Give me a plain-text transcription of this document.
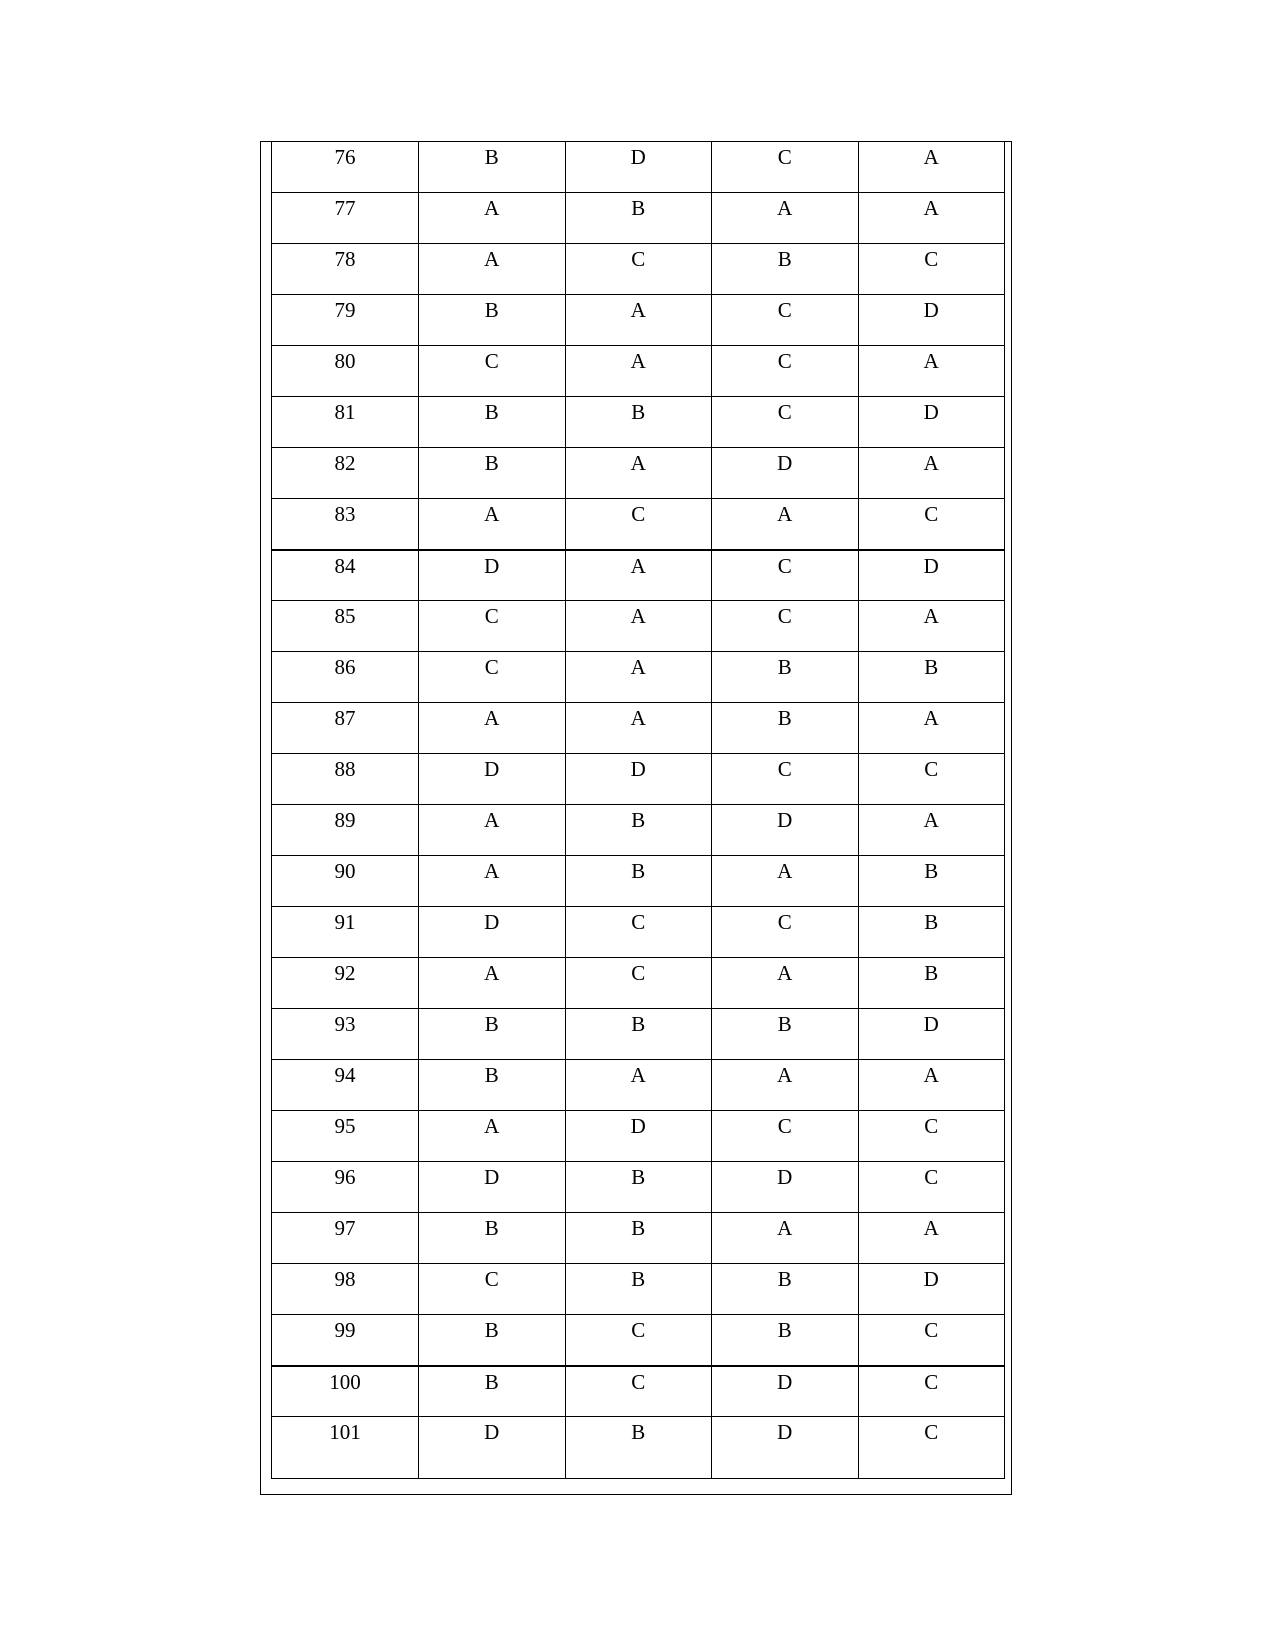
76	B	D	C	A
77	A	B	A	A
78	A	C	B	C
79	B	A	C	D
80	C	A	C	A
81	B	B	C	D
82	B	A	D	A
83	A	C	A	C
84	D	A	C	D
85	C	A	C	A
86	C	A	B	B
87	A	A	B	A
88	D	D	C	C
89	A	B	D	A
90	A	B	A	B
91	D	C	C	B
92	A	C	A	B
93	B	B	B	D
94	B	A	A	A
95	A	D	C	C
96	D	B	D	C
97	B	B	A	A
98	C	B	B	D
99	B	C	B	C
100	B	C	D	C
101	D	B	D	C
